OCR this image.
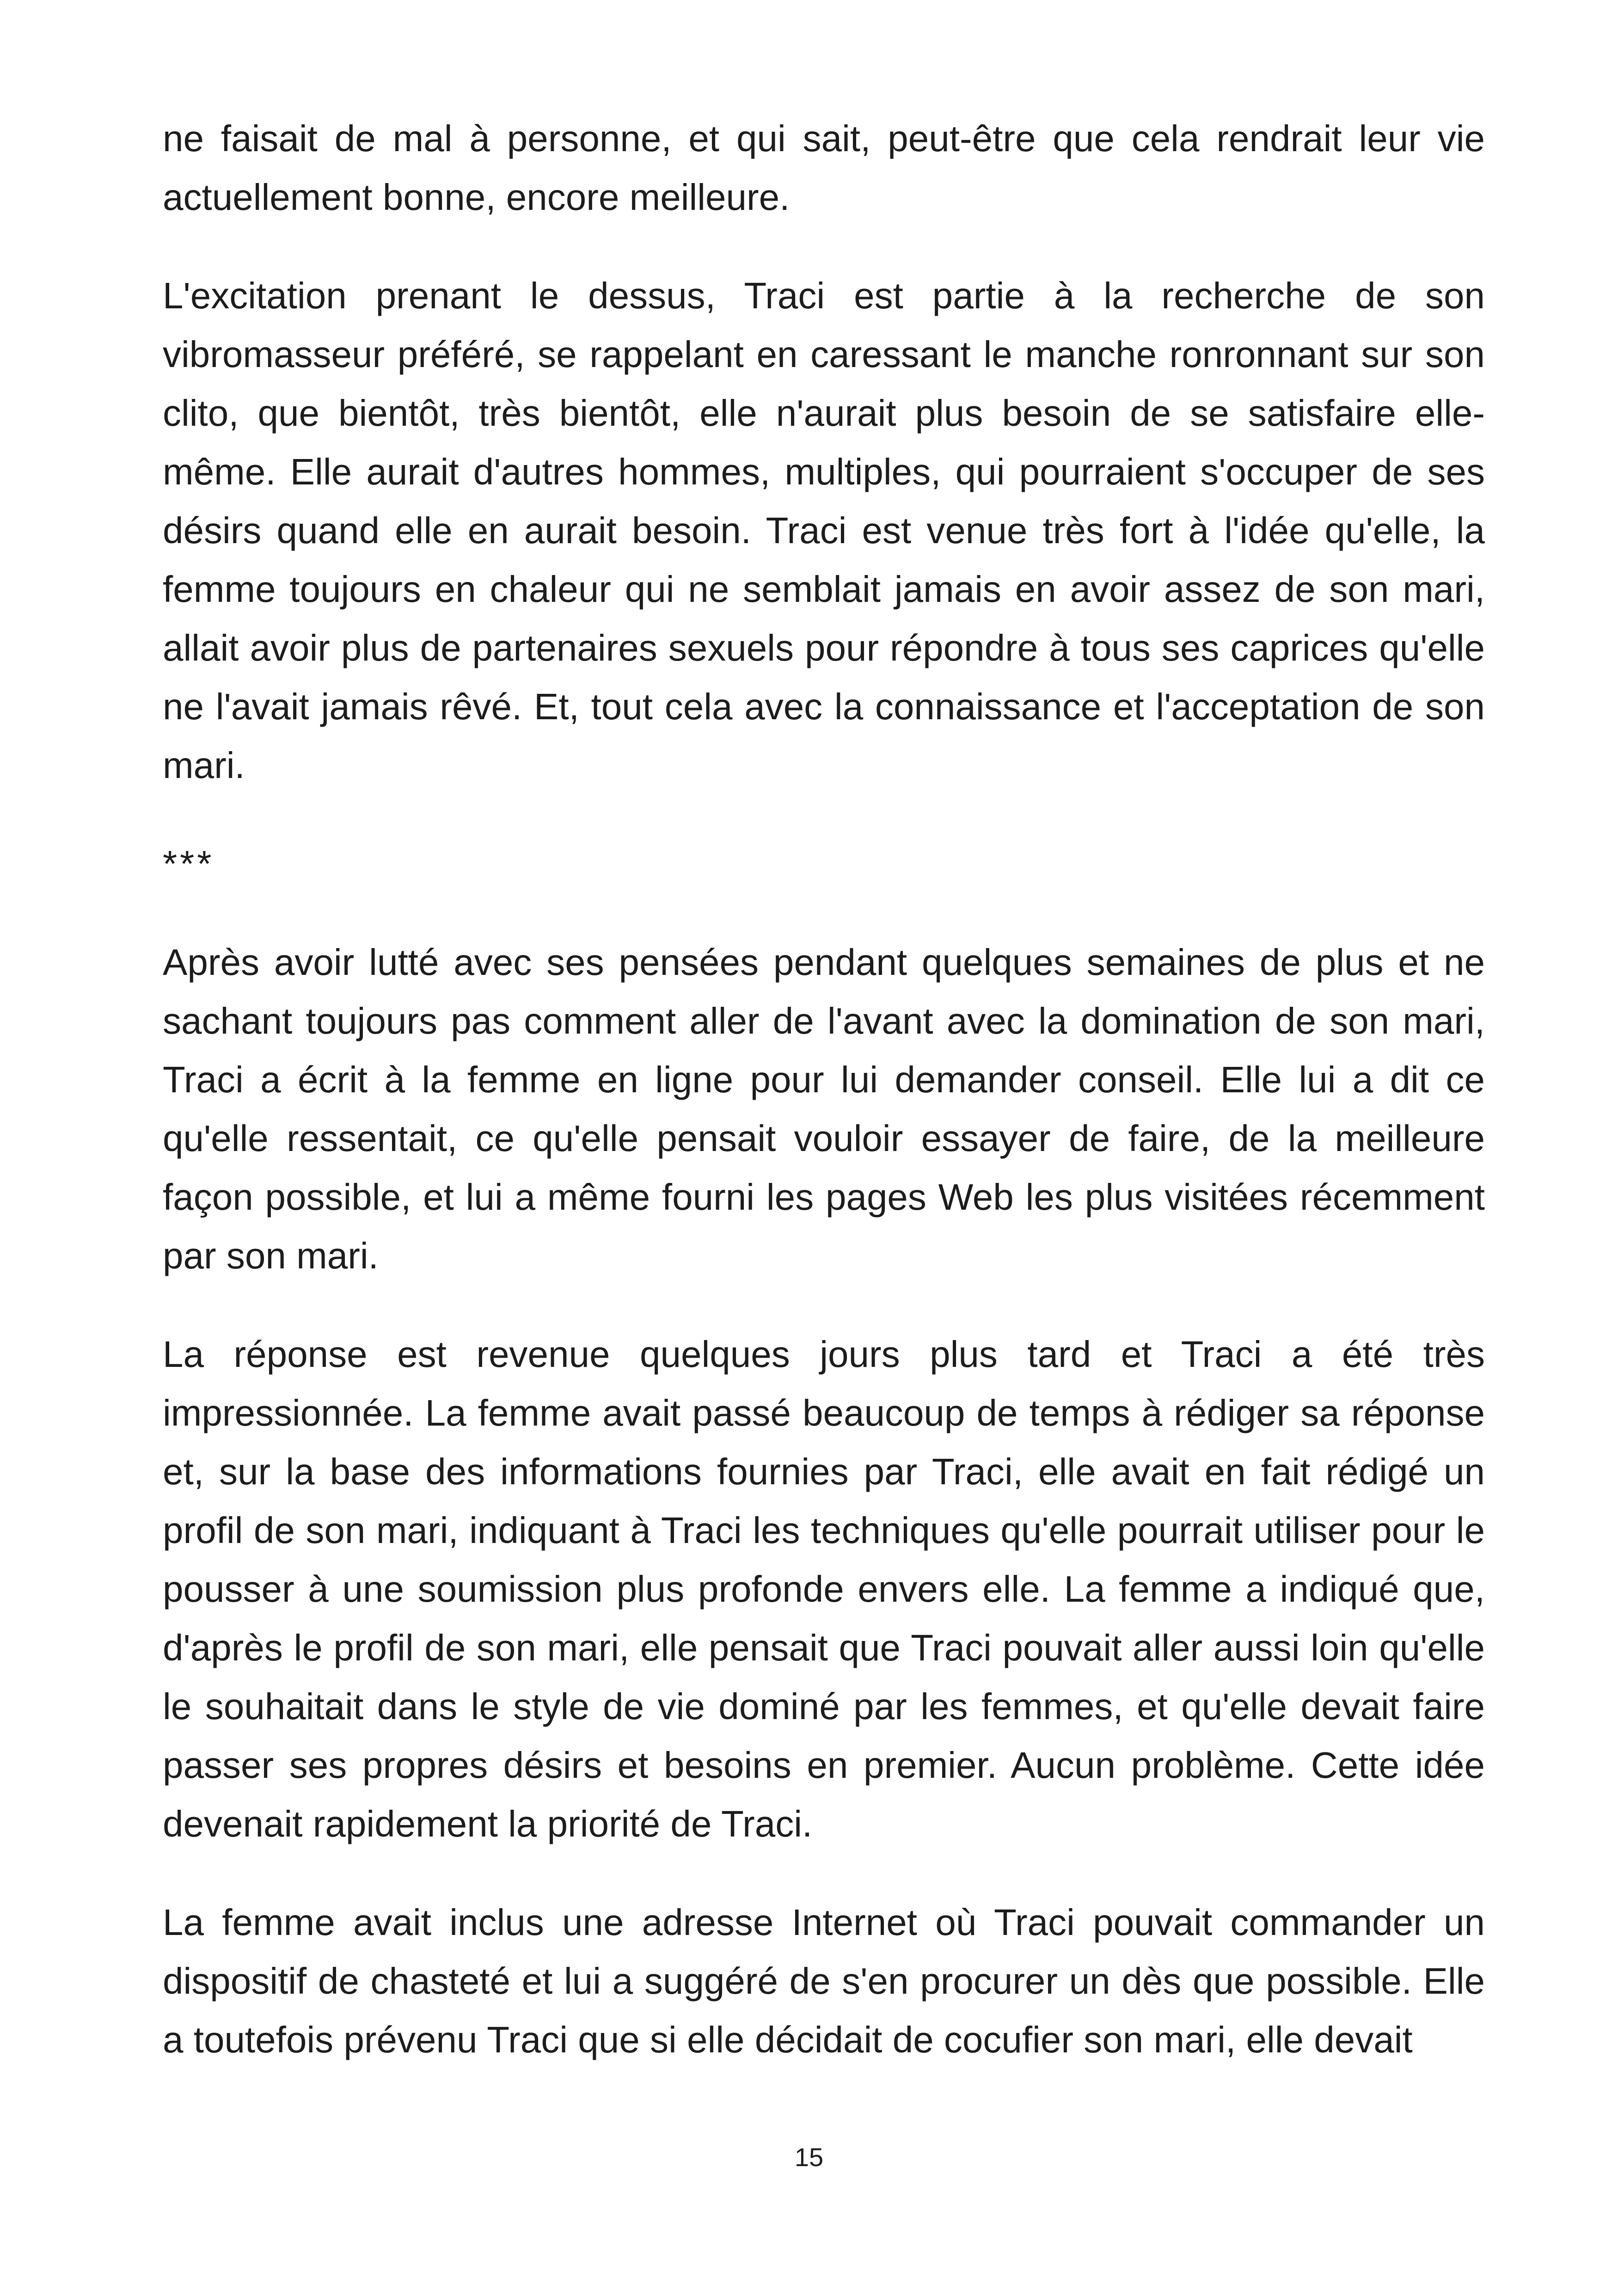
ne faisait de mal à personne, et qui sait, peut-être que cela rendrait leur vie actuellement bonne, encore meilleure.

L'excitation prenant le dessus, Traci est partie à la recherche de son vibromasseur préféré, se rappelant en caressant le manche ronronnant sur son clito, que bientôt, très bientôt, elle n'aurait plus besoin de se satisfaire elle-même. Elle aurait d'autres hommes, multiples, qui pourraient s'occuper de ses désirs quand elle en aurait besoin. Traci est venue très fort à l'idée qu'elle, la femme toujours en chaleur qui ne semblait jamais en avoir assez de son mari, allait avoir plus de partenaires sexuels pour répondre à tous ses caprices qu'elle ne l'avait jamais rêvé. Et, tout cela avec la connaissance et l'acceptation de son mari.

***

Après avoir lutté avec ses pensées pendant quelques semaines de plus et ne sachant toujours pas comment aller de l'avant avec la domination de son mari, Traci a écrit à la femme en ligne pour lui demander conseil. Elle lui a dit ce qu'elle ressentait, ce qu'elle pensait vouloir essayer de faire, de la meilleure façon possible, et lui a même fourni les pages Web les plus visitées récemment par son mari.

La réponse est revenue quelques jours plus tard et Traci a été très impressionnée. La femme avait passé beaucoup de temps à rédiger sa réponse et, sur la base des informations fournies par Traci, elle avait en fait rédigé un profil de son mari, indiquant à Traci les techniques qu'elle pourrait utiliser pour le pousser à une soumission plus profonde envers elle. La femme a indiqué que, d'après le profil de son mari, elle pensait que Traci pouvait aller aussi loin qu'elle le souhaitait dans le style de vie dominé par les femmes, et qu'elle devait faire passer ses propres désirs et besoins en premier. Aucun problème. Cette idée devenait rapidement la priorité de Traci.

La femme avait inclus une adresse Internet où Traci pouvait commander un dispositif de chasteté et lui a suggéré de s'en procurer un dès que possible. Elle a toutefois prévenu Traci que si elle décidait de cocufier son mari, elle devait

15
